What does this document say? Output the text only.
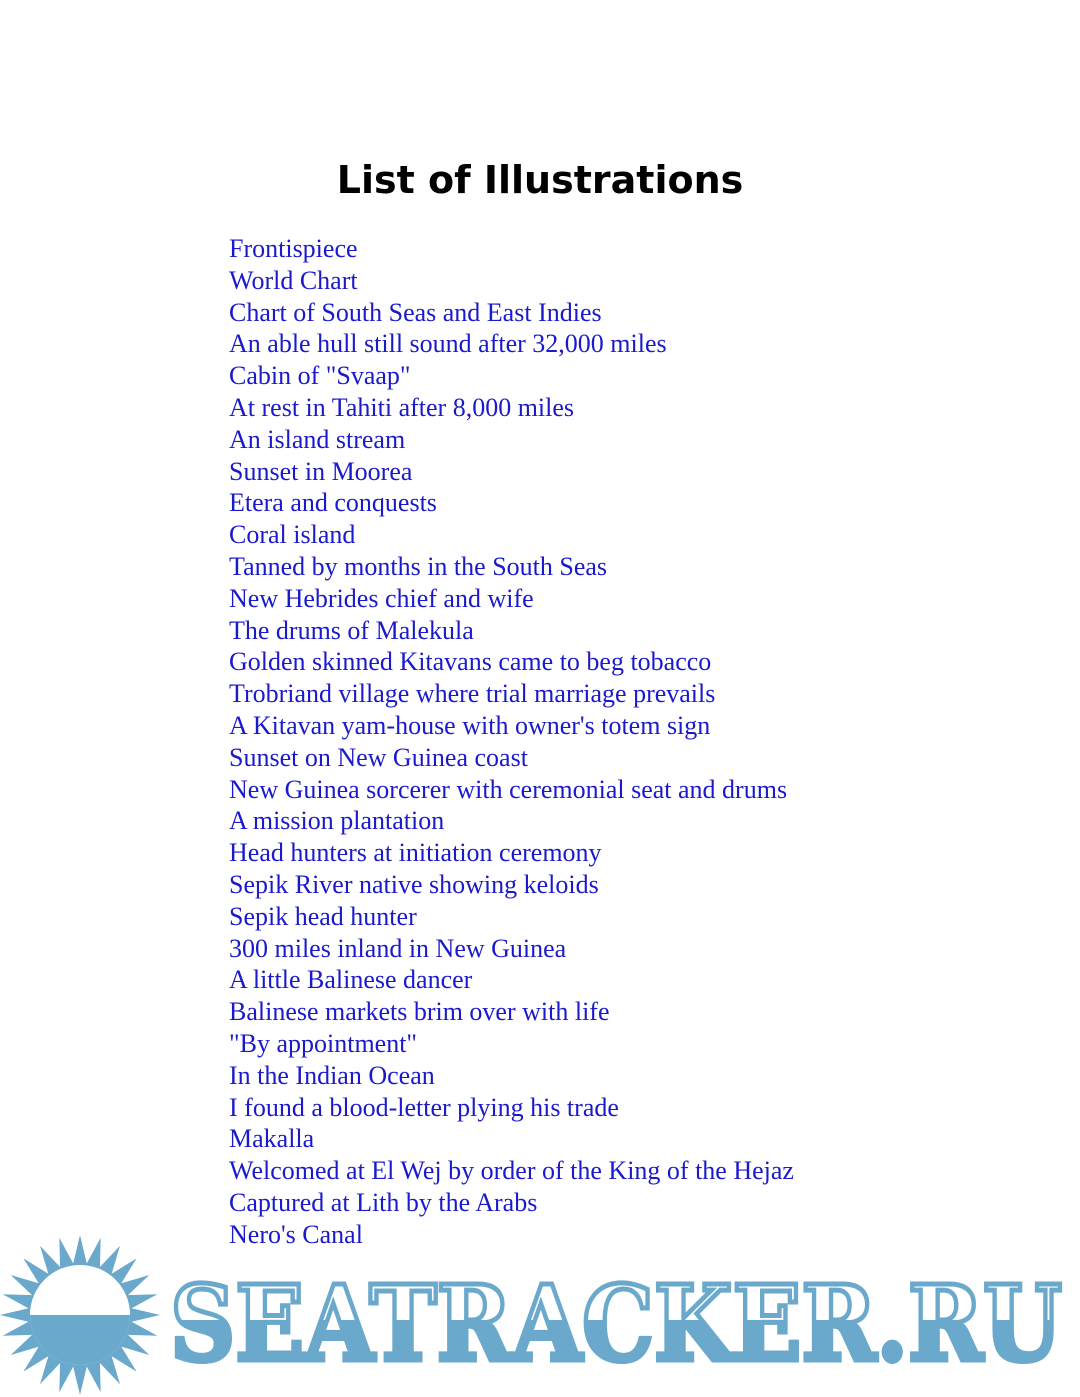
List of Illustrations
Frontispiece
World Chart
Chart of South Seas and East Indies
An able hull still sound after 32,000 miles
Cabin of "Svaap"
At rest in Tahiti after 8,000 miles
An island stream
Sunset in Moorea
Etera and conquests
Coral island
Tanned by months in the South Seas
New Hebrides chief and wife
The drums of Malekula
Golden skinned Kitavans came to beg tobacco
Trobriand village where trial marriage prevails
A Kitavan yam-house with owner's totem sign
Sunset on New Guinea coast
New Guinea sorcerer with ceremonial seat and drums
A mission plantation
Head hunters at initiation ceremony
Sepik River native showing keloids
Sepik head hunter
300 miles inland in New Guinea
A little Balinese dancer
Balinese markets brim over with life
"By appointment"
In the Indian Ocean
I found a blood-letter plying his trade
Makalla
Welcomed at El Wej by order of the King of the Hejaz
Captured at Lith by the Arabs
Nero's Canal
SEATRACKER.RU
